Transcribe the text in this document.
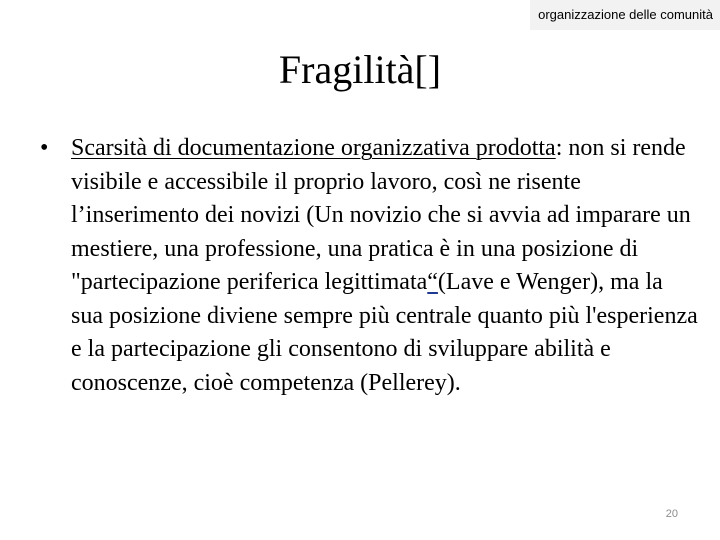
organizzazione delle comunità
Fragilità[]
• Scarsità di documentazione organizzativa prodotta: non si rende visibile e accessibile il proprio lavoro, così ne risente l’inserimento dei novizi (Un novizio che si avvia ad imparare un mestiere, una professione, una pratica è in una posizione di "partecipazione periferica legittimata“(Lave e Wenger), ma la sua posizione diviene sempre più centrale quanto più l'esperienza e la partecipazione gli consentono di sviluppare abilità e conoscenze, cioè competenza (Pellerey).
20
